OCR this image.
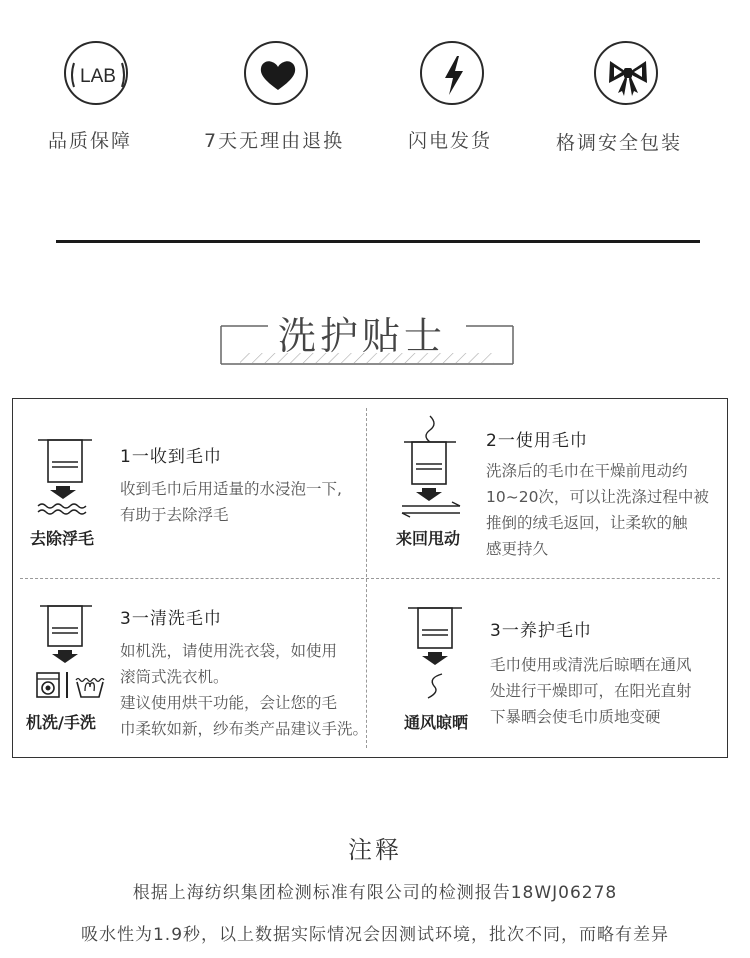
LAB
品质保障	7天无理由退换	闪电发货	格调安全包装
洗护贴士
去除浮毛
1一收到毛巾
收到毛巾后用适量的水浸泡一下,
有助于去除浮毛
来回甩动
2一使用毛巾
洗涤后的毛巾在干燥前甩动约
10~20次，可以让洗涤过程中被
推倒的绒毛返回，让柔软的触
感更持久
机洗/手洗
3一清洗毛巾
如机洗，请使用洗衣袋，如使用
滚筒式洗衣机。
建议使用烘干功能，会让您的毛
巾柔软如新，纱布类产品建议手洗。 通风晾晒
3一养护毛巾
毛巾使用或清洗后晾晒在通风
处进行干燥即可，在阳光直射
下暴晒会使毛巾质地变硬
注释
根据上海纺织集团检测标准有限公司的检测报告18WJ06278
吸水性为1.9秒，以上数据实际情况会因测试环境，批次不同，而略有差异
